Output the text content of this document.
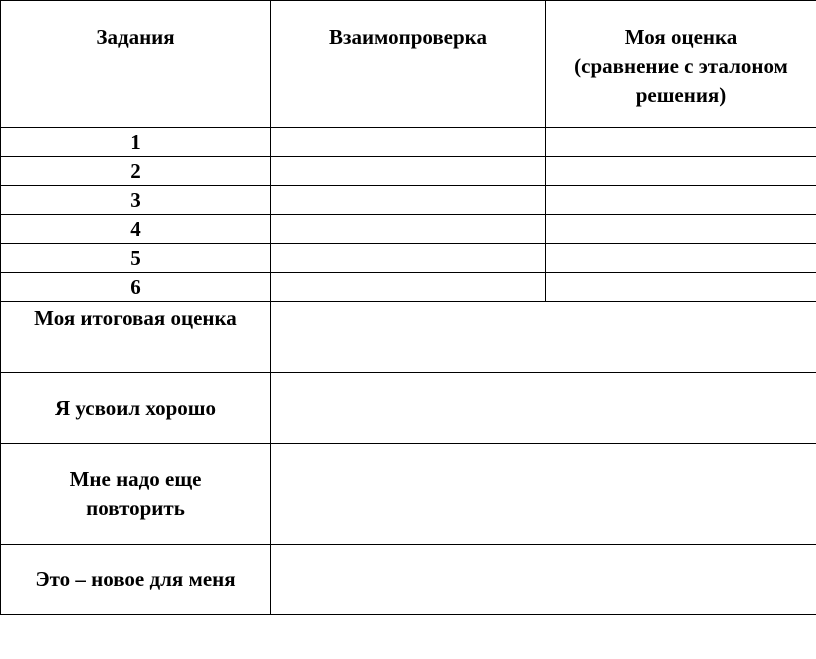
Задания	Взаимопроверка	Моя оценка
(сравнение с эталоном
решения)

1		
2		
3		
4		
5		
6		
Моя итоговая оценка		
Я усвоил хорошо		

Мне надо еще
повторить		

Это – новое для меня		
